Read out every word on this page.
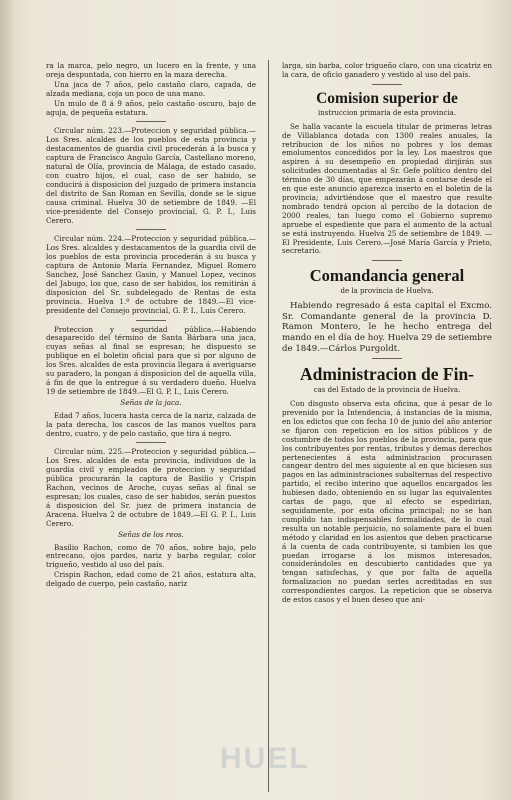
ra la marca, pelo negro, un lucero en la frente, y una oreja despuntada, con hierro en la maza derecha.

Una jaca de 7 años, pelo castaño claro, capada, de alzada mediana, coja un poco de una mano.

Un mulo de 8 á 9 años, pelo castaño oscuro, bajo de aguja, de pequeña estatura.

Circular núm. 223.—Proteccion y seguridad pública.—Los Sres. alcaldes de los pueblos de esta provincia y destacamentos de guardia civil procederán á la busca y captura de Francisco Angulo García, Castellano moreno, natural de Olía, provincia de Málaga, de estado casado, con cuatro hijos, el cual, caso de ser habido, se conducirá á disposicion del juzgado de primera instancia del distrito de San Roman en Sevilla, donde se le sigue causa criminal. Huelva 30 de setiembre de 1849. —El vice-presidente del Consejo provincial, G. P. I., Luis Cerero.

Circular núm. 224.—Proteccion y seguridad pública.—Los Sres. alcaldes y destacamentos de la guardia civil de los pueblos de esta provincia procederán á su busca y captura de Antonio María Fernandez, Miguel Romero Sanchez, José Sanchez Gasin, y Manuel Lopez, vecinos del Jabugo, los que, caso de ser habidos, los remitirán á disposicion del Sr. subdelegado de Rentas de esta provincia. Huelva 1.º de octubre de 1849.—El vice-presidente del Consejo provincial, G. P. I., Luis Cerero.

Proteccion y seguridad pública.—Habiendo desaparecido del término de Santa Bárbara una jaca, cuyas señas al final se espresan; he dispuesto se publique en el boletin oficial para que si por alguno de los Sres. alcaldes de esta provincia llegara á averiguarse su paradero, la pongan á disposicion del de aquella villa, á fin de que la entregue á su verdadero dueño. Huelva 19 de setiembre de 1849.—El G. P. I., Luis Cerero.

Señas de la jaca.

Edad 7 años, lucera hasta cerca de la nariz, calzada de la pata derecha, los cascos de las manos vueltos para dentro, cuatro, y de pelo castaño, que tira á negro.

Circular núm. 225.—Proteccion y seguridad pública.—Los Sres. alcaldes de esta provincia, individuos de la guardia civil y empleados de proteccion y seguridad pública procurarán la captura de Basilio y Crispin Rachon, vecinos de Aroche, cuyas señas al final se espresan; los cuales, caso de ser habidos, serán puestos á disposicion del Sr. juez de primera instancia de Aracena. Huelva 2 de octubre de 1849.—El G. P. I., Luis Cerero.

Señas de los reos.

Basilio Rachon, como de 70 años, sobre bajo, pelo entrecano, ojos pardos, nariz y barba regular, color trigueño, vestido al uso del país.

Crispin Rachon, edad como de 21 años, estatura alta, delgado de cuerpo, pelo castaño, nariz

larga, sin barba, color trigueño claro, con una cicatriz en la cara, de oficio ganadero y vestido al uso del país.

Comision superior de
instruccion primaria de esta provincia.

Se halla vacante la escuela titular de primeras letras de Villablanca dotada con 1300 reales anuales, la retribucion de los niños no pobres y los demas emolumentos concedidos por la ley. Los maestros que aspiren á su desempeño en propiedad dirijirán sus solicitudes documentadas al Sr. Gefe político dentro del término de 30 días, que empezarán á contarse desde el en que este anuncio aparezca inserto en el boletin de la provincia; advirtiéndose que el maestro que resulte nombrado tendrá opcion al percibo de la dotacion de 2000 reales, tan luego como el Gobierno supremo apruebe el espediente que para el aumento de la actual se está instruyendo. Huelva 25 de setiembre de 1849. —El Presidente, Luis Cerero.—José María García y Prieto, secretario.

Comandancia general
de la provincia de Huelva.

Habiendo regresado á esta capital el Excmo. Sr. Comandante general de la provincia D. Ramon Montero, le he hecho entrega del mando en el día de hoy. Huelva 29 de setiembre de 1849.—Cárlos Purgoldt.

Administracion de Fin-
cas del Estado de la provincia de Huelva.

Con disgusto observa esta oficina, que á pesar de lo prevenido por la Intendencia, á instancias de la misma, en los edictos que con fecha 10 de junio del año anterior se fijaron con repeticion en los sitios públicos y de costumbre de todos los pueblos de la provincia, para que los contribuyentes por rentas, tributos y demas derechos pertenecientes á esta administracion procurasen cangear dentro del mes siguiente al en que hiciesen sus pagos en las administraciones subalternas del respectivo partido, el recibo interino que aquellos encargados les hubiesen dado, obteniendo en su lugar las equivalentes cartas de pago, que al efecto se espedirian, seguidamente, por esta oficina principal; no se han cumplido tan indispensables formalidades, de lo cual resulta un notable perjuicio, no solamente para el buen método y claridad en los asientos que deben practicarse á la cuenta de cada contribuyente, si tambien los que puedan irrogarse á los mismos interesados, considerándoles en descubierto cantidades que ya tengan satisfechas, y que por falta de aquella formalizacion no puedan serles acreditadas en sus correspondientes cargos. La repeticion que se observa de estos casos y el buen deseo que ani-

HUEL
